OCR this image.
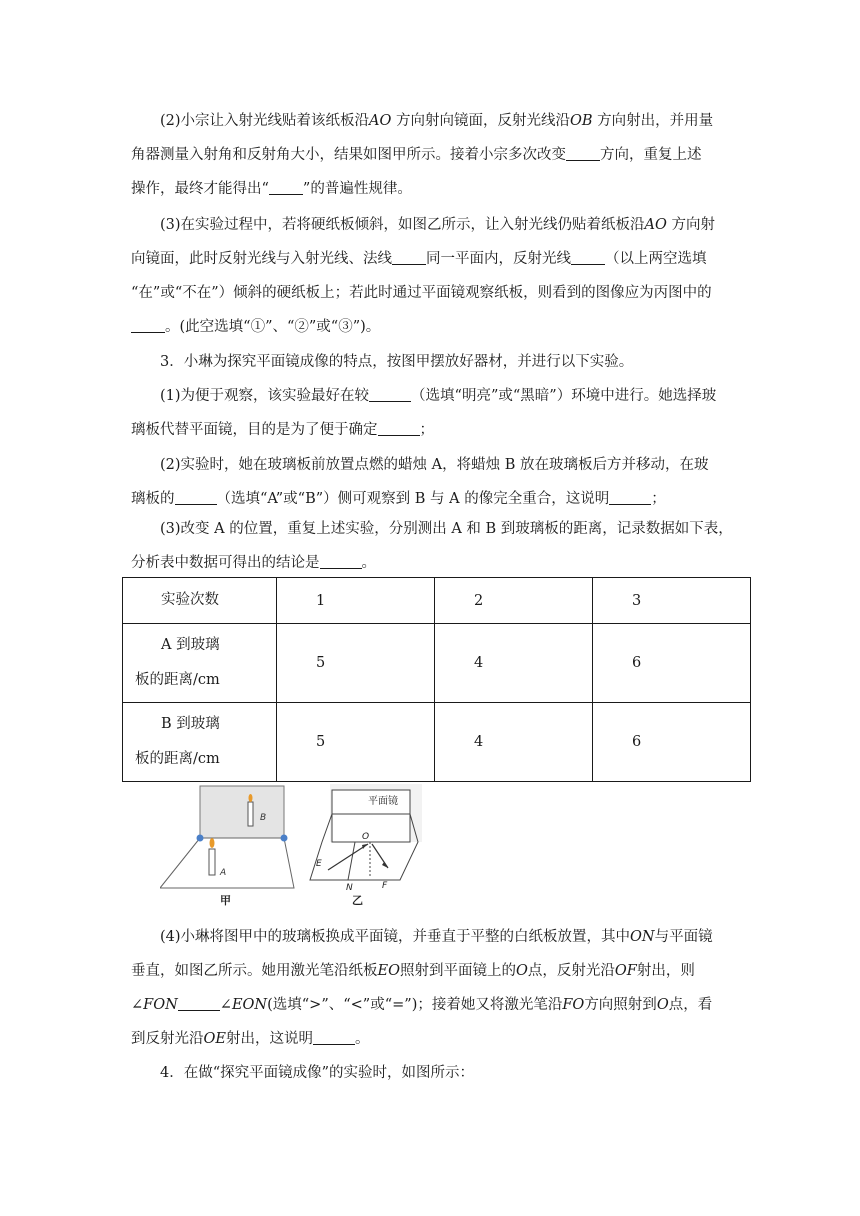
(2)小宗让入射光线贴着该纸板沿AO 方向射向镜面，反射光线沿OB 方向射出，并用量
角器测量入射角和反射角大小，结果如图甲所示。接着小宗多次改变 方向，重复上述
操作，最终才能得出“ ”的普遍性规律。

(3)在实验过程中，若将硬纸板倾斜，如图乙所示，让入射光线仍贴着纸板沿AO 方向射
向镜面，此时反射光线与入射光线、法线 同一平面内，反射光线 （以上两空选填
“在”或“不在”）倾斜的硬纸板上；若此时通过平面镜观察纸板，则看到的图像应为丙图中的
。(此空选填“①”、“②”或“③”)。

3．小琳为探究平面镜成像的特点，按图甲摆放好器材，并进行以下实验。

(1)为便于观察，该实验最好在较	（选填“明亮”或“黑暗”）环境中进行。她选择玻
璃板代替平面镜，目的是为了便于确定	；

(2)实验时，她在玻璃板前放置点燃的蜡烛 A，将蜡烛 B 放在玻璃板后方并移动，在玻
璃板的	（选填“A”或“B”）侧可观察到 B 与 A 的像完全重合，这说明	；

(3)改变 A 的位置，重复上述实验，分别测出 A 和 B 到玻璃板的距离，记录数据如下表，
分析表中数据可得出的结论是	。

实验次数	1	2	3

A 到玻璃
板的距离/cm	5	4	6

B 到玻璃
板的距离/cm	5	4	6
B
A
甲
平面镜
O
E
N	F
乙

(4)小琳将图甲中的玻璃板换成平面镜，并垂直于平整的白纸板放置，其中ON与平面镜
垂直，如图乙所示。她用激光笔沿纸板EO照射到平面镜上的O点，反射光沿OF射出，则
∠FON	∠EON(选填“>”、“<”或“=”)；接着她又将激光笔沿FO方向照射到O点，看
到反射光沿OE射出，这说明	。

4．在做“探究平面镜成像”的实验时，如图所示：
